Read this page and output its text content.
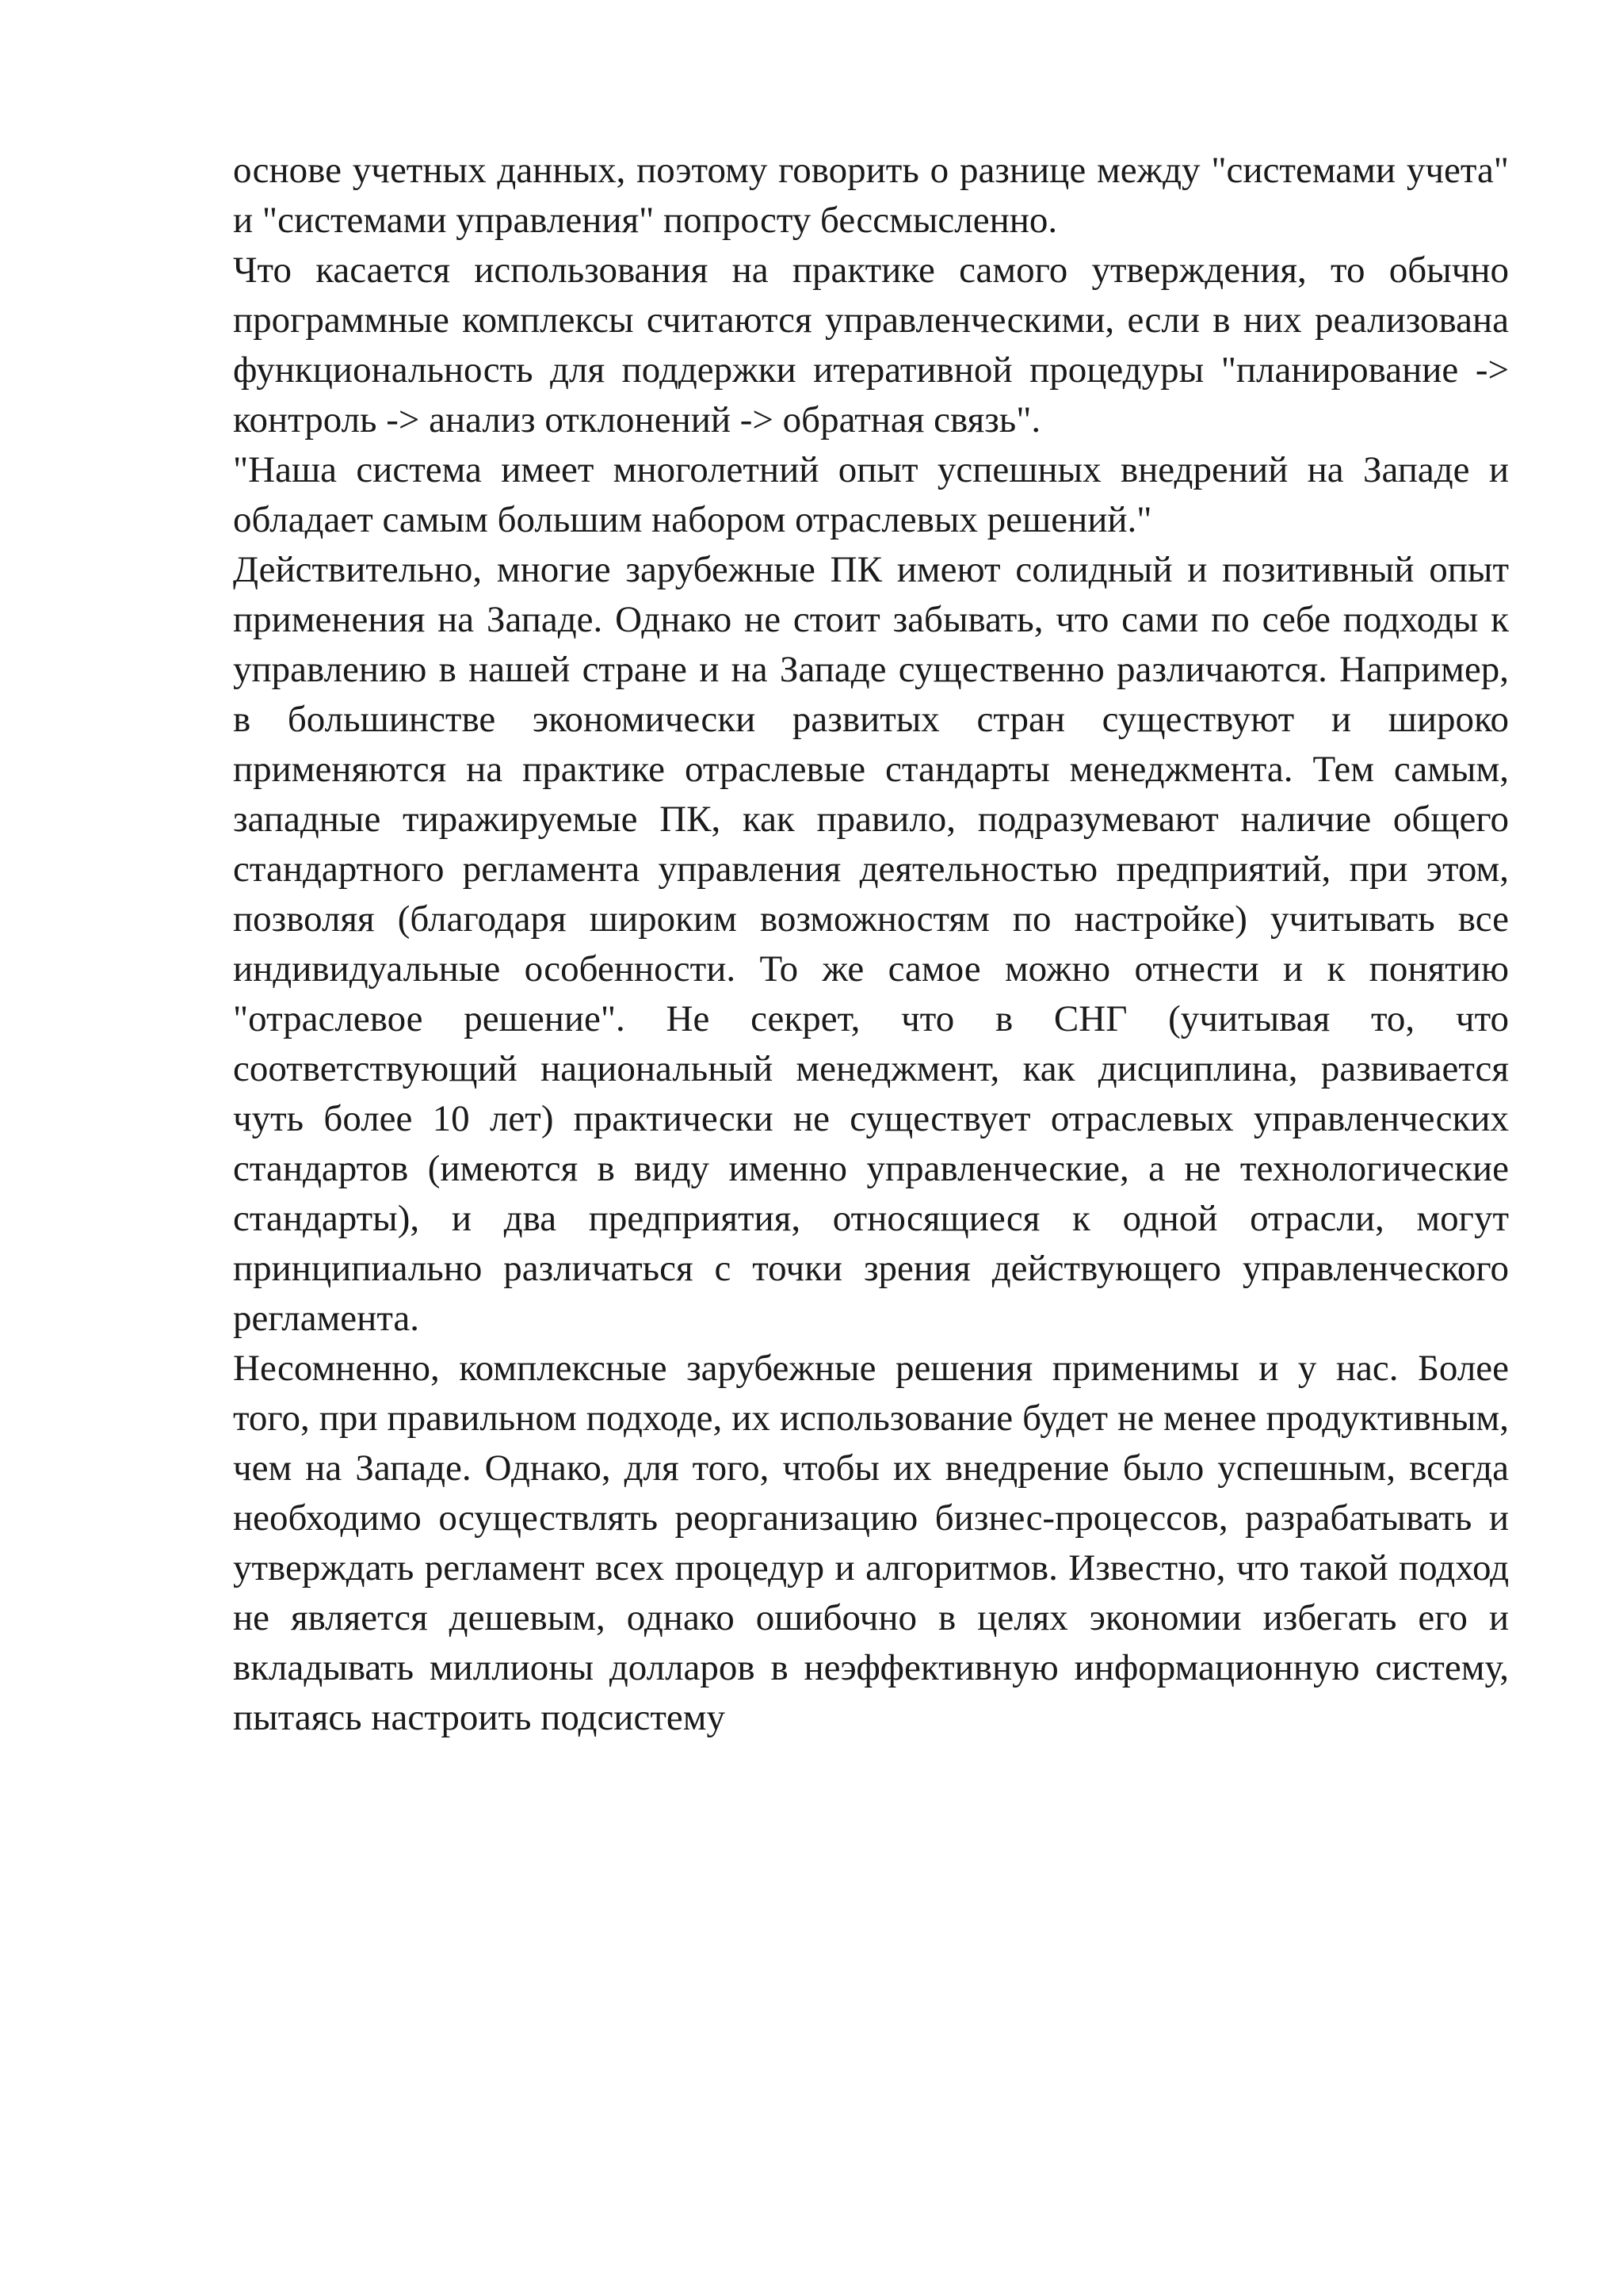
основе учетных данных, поэтому говорить о разнице между "системами учета" и "системами управления" попросту бессмысленно.

Что касается использования на практике самого утверждения, то обычно программные комплексы считаются управленческими, если в них реализована функциональность для поддержки итеративной процедуры "планирование -> контроль -> анализ отклонений -> обратная связь".

"Наша система имеет многолетний опыт успешных внедрений на Западе и обладает самым большим набором отраслевых решений."

Действительно, многие зарубежные ПК имеют солидный и позитивный опыт применения на Западе. Однако не стоит забывать, что сами по себе подходы к управлению в нашей стране и на Западе существенно различаются. Например, в большинстве экономически развитых стран существуют и широко применяются на практике отраслевые стандарты менеджмента. Тем самым, западные тиражируемые ПК, как правило, подразумевают наличие общего стандартного регламента управления деятельностью предприятий, при этом, позволяя (благодаря широким возможностям по настройке) учитывать все индивидуальные особенности. То же самое можно отнести и к понятию "отраслевое решение". Не секрет, что в СНГ (учитывая то, что соответствующий национальный менеджмент, как дисциплина, развивается чуть более 10 лет) практически не существует отраслевых управленческих стандартов (имеются в виду именно управленческие, а не технологические стандарты), и два предприятия, относящиеся к одной отрасли, могут принципиально различаться с точки зрения действующего управленческого регламента.

Несомненно, комплексные зарубежные решения применимы и у нас. Более того, при правильном подходе, их использование будет не менее продуктивным, чем на Западе. Однако, для того, чтобы их внедрение было успешным, всегда необходимо осуществлять реорганизацию бизнес-процессов, разрабатывать и утверждать регламент всех процедур и алгоритмов. Известно, что такой подход не является дешевым, однако ошибочно в целях экономии избегать его и вкладывать миллионы долларов в неэффективную информационную систему, пытаясь настроить подсистему
